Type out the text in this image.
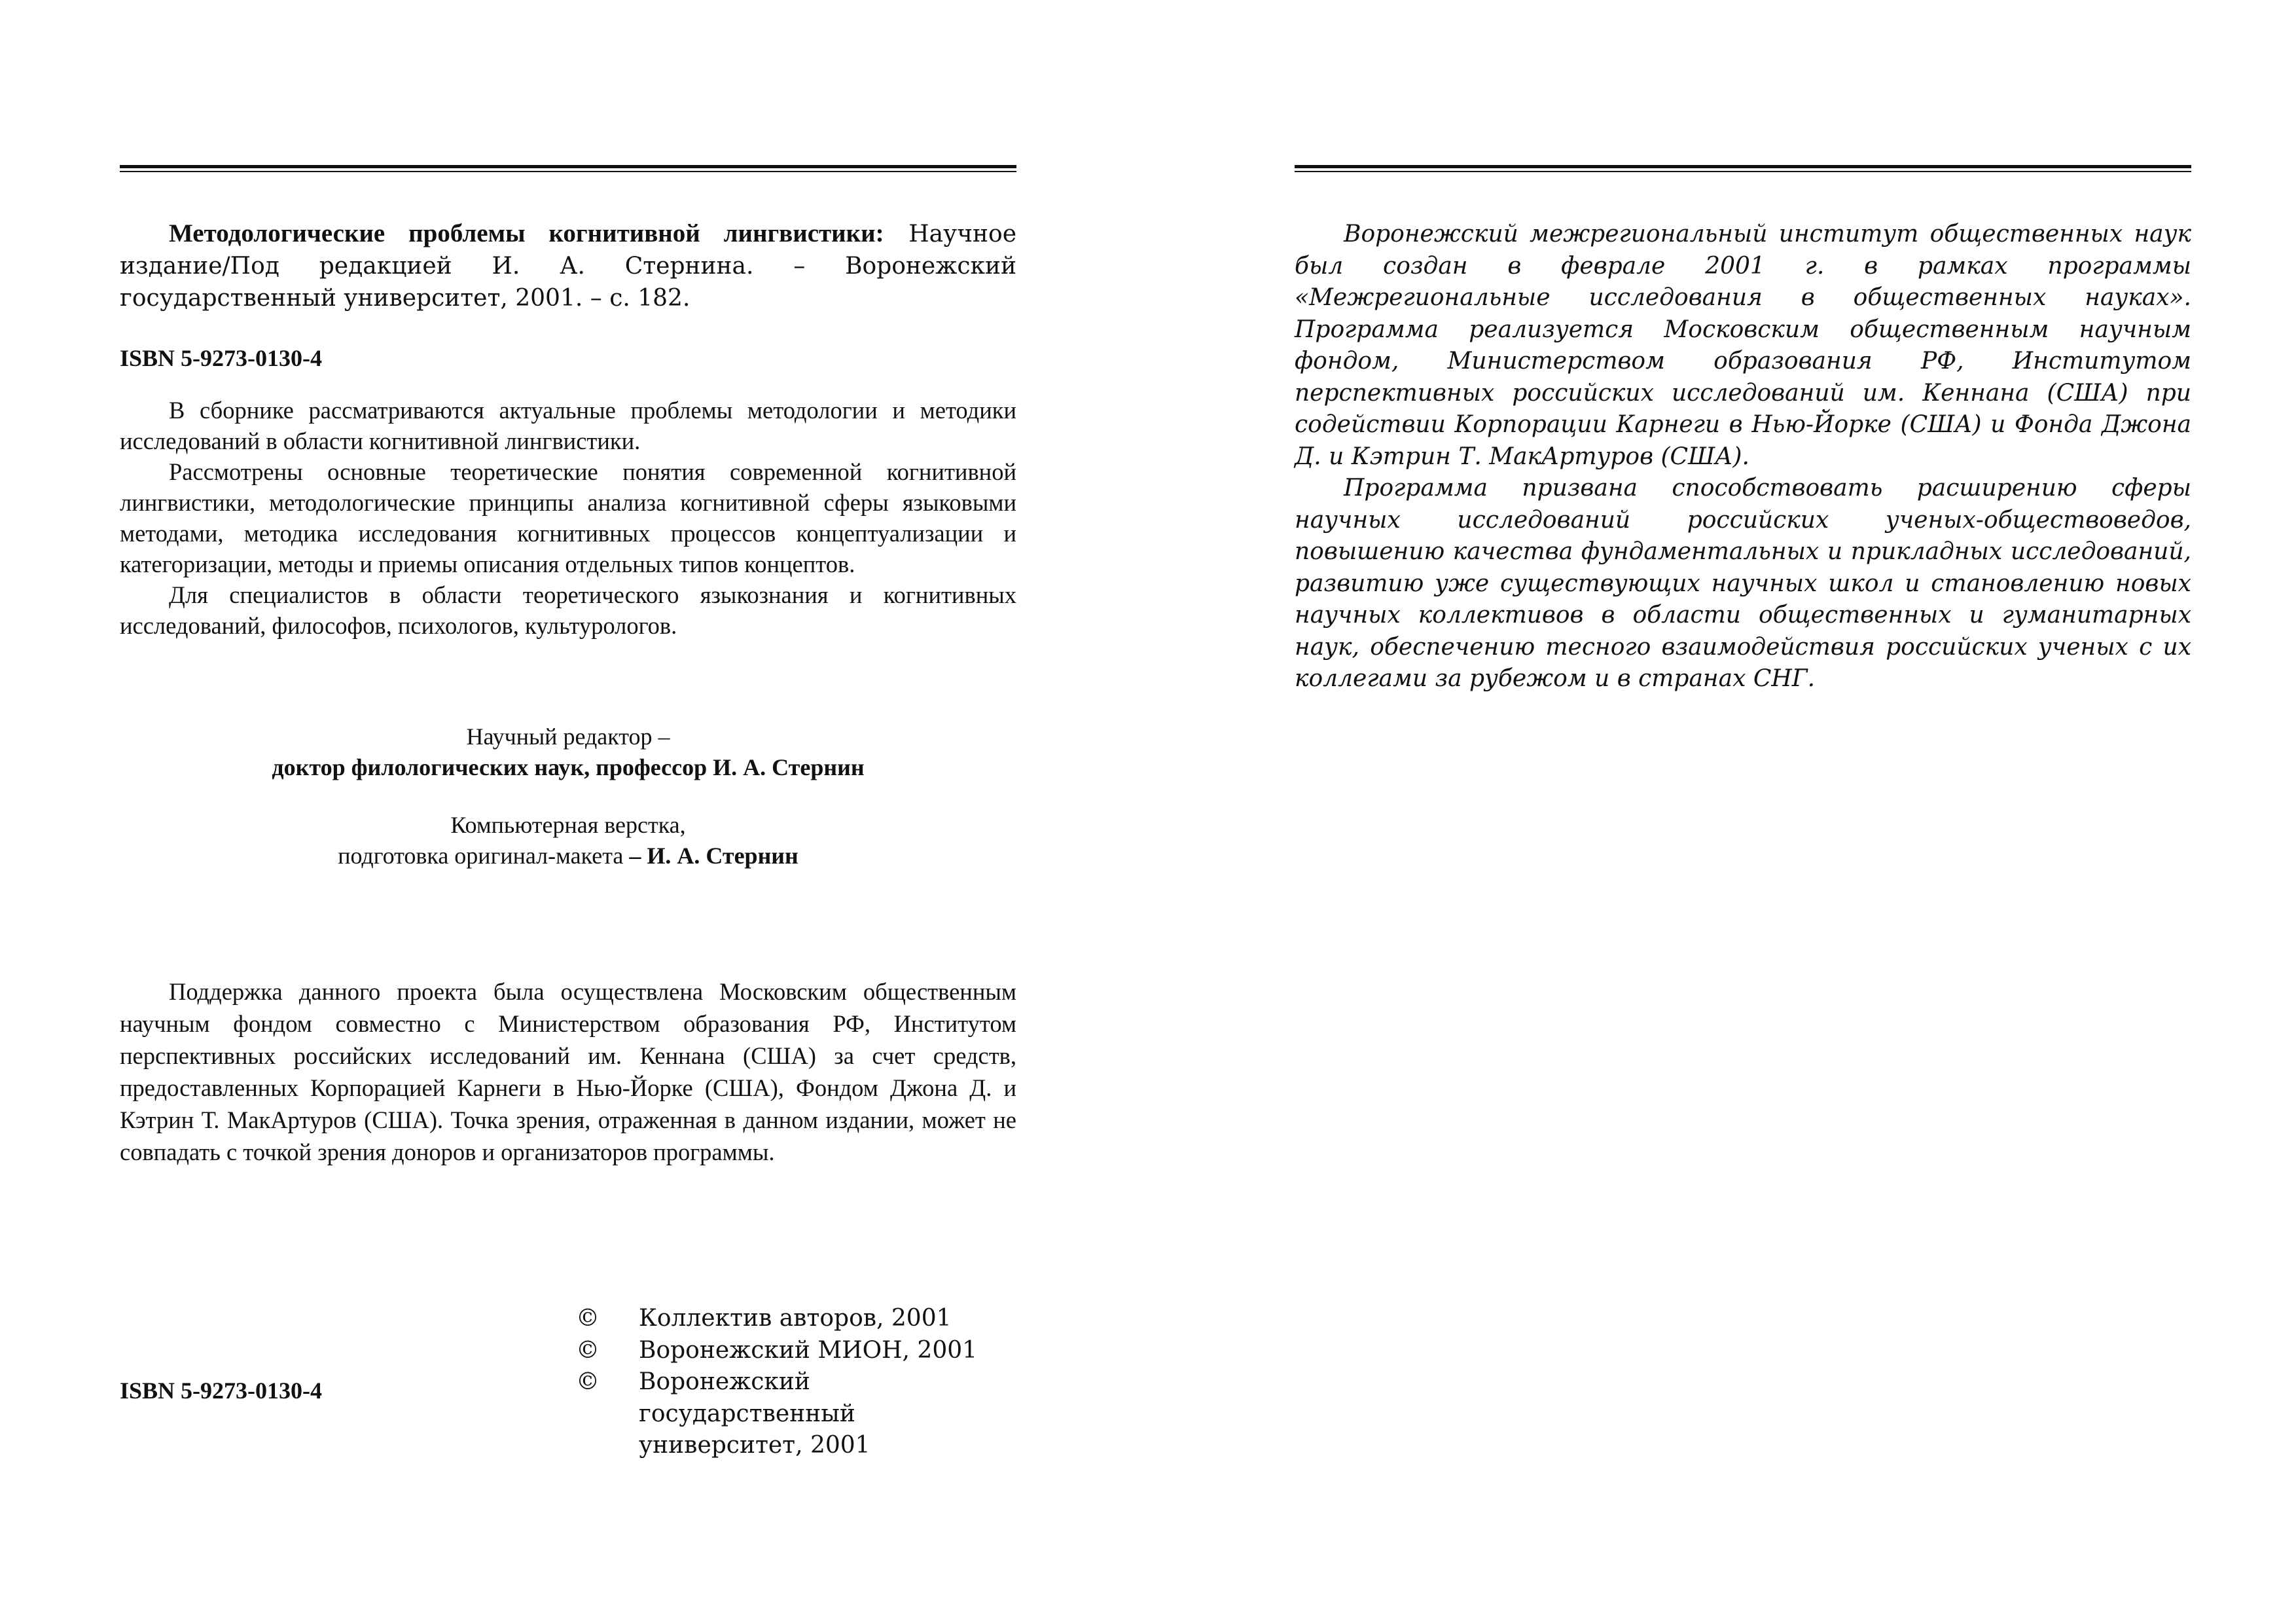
Методологические проблемы когнитивной лингвистики: Научное издание/Под редакцией И. А. Стернина. – Воронежский государственный университет, 2001. – с. 182.

ISBN 5-9273-0130-4

В сборнике рассматриваются актуальные проблемы методологии и методики исследований в области когнитивной лингвистики.

Рассмотрены основные теоретические понятия современной когнитивной лингвистики, методологические принципы анализа когнитивной сферы языковыми методами, методика исследования когнитивных процессов концептуализации и категоризации, методы и приемы описания отдельных типов концептов.

Для специалистов в области теоретического языкознания и когнитивных исследований, философов, психологов, культурологов.

Научный редактор –
доктор филологических наук, профессор И. А. Стернин
Компьютерная верстка,
подготовка оригинал-макета – И. А. Стернин

Поддержка данного проекта была осуществлена Московским общественным научным фондом совместно с Министерством образования РФ, Институтом перспективных российских исследований им. Кеннана (США) за счет средств, предоставленных Корпорацией Карнеги в Нью-Йорке (США), Фондом Джона Д. и Кэтрин Т. МакАртуров (США). Точка зрения, отраженная в данном издании, может не совпадать с точкой зрения доноров и организаторов программы.

ISBN 5-9273-0130-4
©	Коллектив авторов, 2001
©	Воронежский МИОН, 2001
©	Воронежский государственный университет, 2001

Воронежский межрегиональный институт общественных наук был создан в феврале 2001 г. в рамках программы «Межрегиональные исследования в общественных науках». Программа реализуется Московским общественным научным фондом, Министерством образования РФ, Институтом перспективных российских исследований им. Кеннана (США) при содействии Корпорации Карнеги в Нью-Йорке (США) и Фонда Джона Д. и Кэтрин Т. МакАртуров (США).

Программа призвана способствовать расширению сферы научных исследований российских ученых-обществоведов, повышению качества фундаментальных и прикладных исследований, развитию уже существующих научных школ и становлению новых научных коллективов в области общественных и гуманитарных наук, обеспечению тесного взаимодействия российских ученых с их коллегами за рубежом и в странах СНГ.
